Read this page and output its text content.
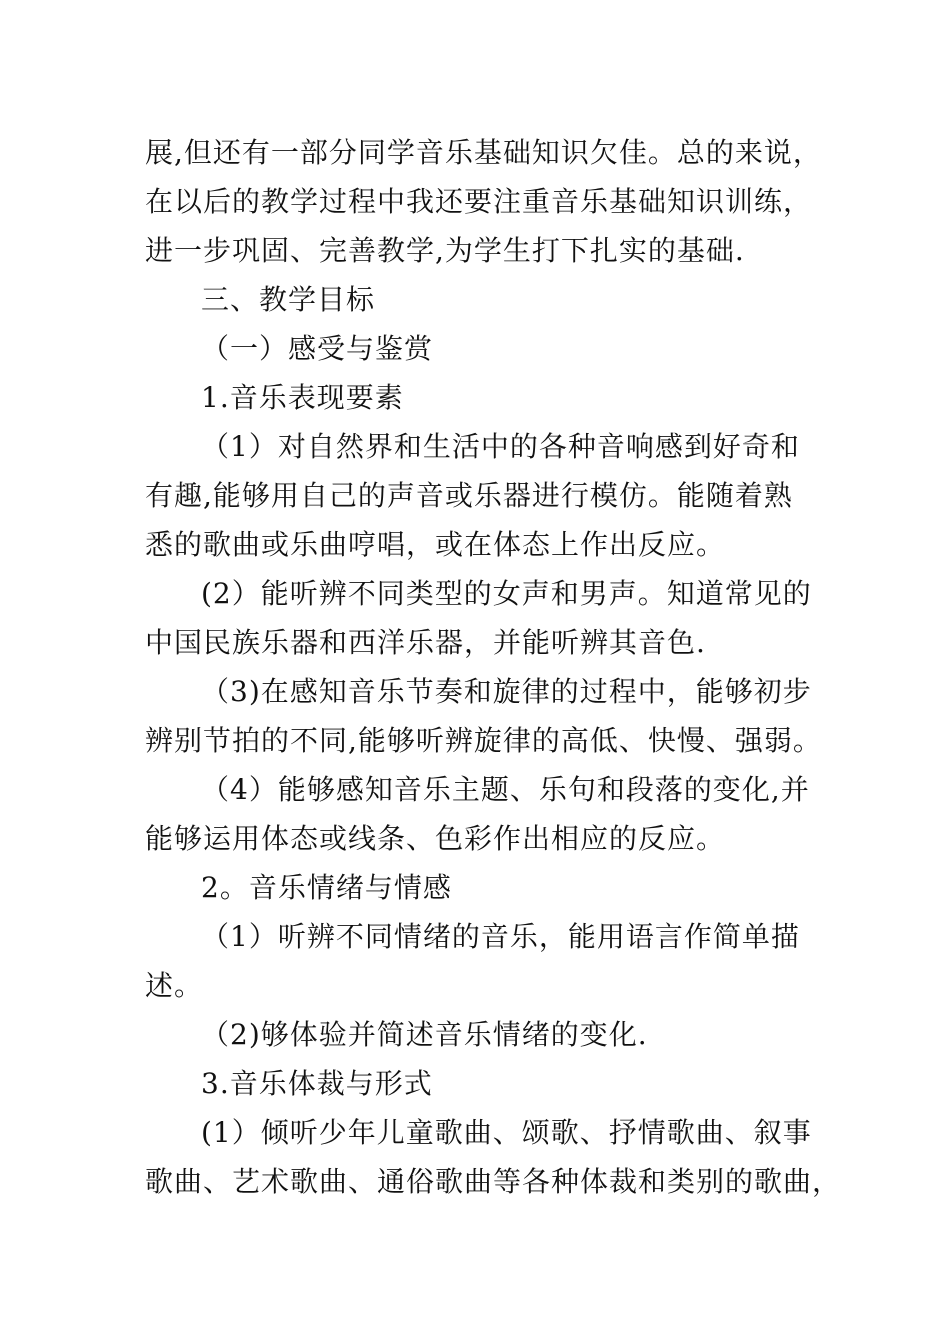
展,但还有一部分同学音乐基础知识欠佳。总的来说，
在以后的教学过程中我还要注重音乐基础知识训练，
进一步巩固、完善教学,为学生打下扎实的基础.
三、教学目标
（一）感受与鉴赏
1.音乐表现要素
（1）对自然界和生活中的各种音响感到好奇和
有趣,能够用自己的声音或乐器进行模仿。能随着熟
悉的歌曲或乐曲哼唱，或在体态上作出反应。
(2）能听辨不同类型的女声和男声。知道常见的
中国民族乐器和西洋乐器，并能听辨其音色.
（3)在感知音乐节奏和旋律的过程中，能够初步
辨别节拍的不同,能够听辨旋律的高低、快慢、强弱。
（4）能够感知音乐主题、乐句和段落的变化,并
能够运用体态或线条、色彩作出相应的反应。
2。音乐情绪与情感
（1）听辨不同情绪的音乐，能用语言作简单描
述。
（2)够体验并简述音乐情绪的变化.
3.音乐体裁与形式
(1）倾听少年儿童歌曲、颂歌、抒情歌曲、叙事
歌曲、艺术歌曲、通俗歌曲等各种体裁和类别的歌曲，
